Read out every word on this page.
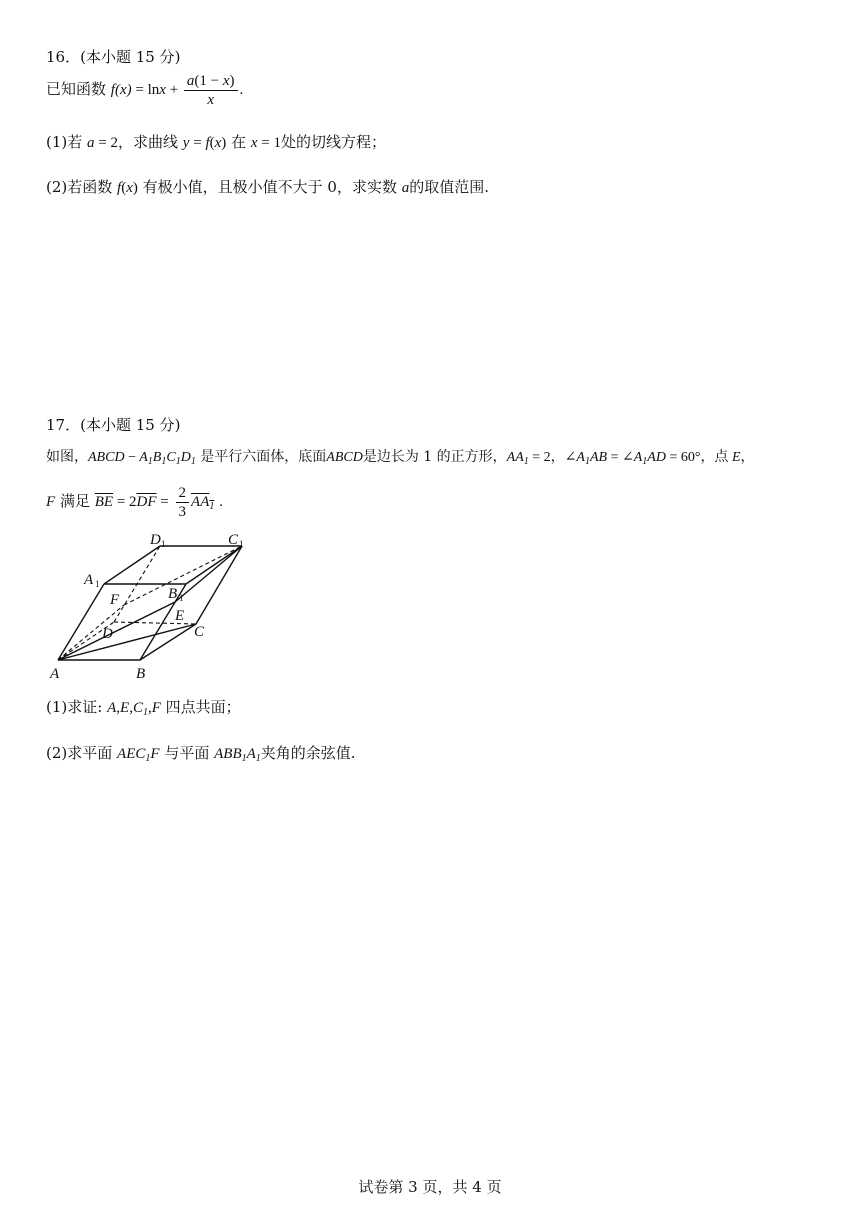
16．(本小题 15 分)
已知函数 $f(x) = \ln x + \frac{a(1 - x)}{x}$ .
(1)若 a = 2，求曲线 y = f(x) 在 x = 1处的切线方程；
(2)若函数 f(x) 有极小值，且极小值不大于 0，求实数 a的取值范围.
17．(本小题 15 分)
如图，ABCD − $A_1B_1C_1D_1$ 是平行六面体，底面ABCD是边长为 1 的正方形，$AA_1 = 2$，$\angle A_1AB$ = $\angle A_1AD = 60^\circ$，点 E，
F 满足 $\overline{BE} = 2\overline{DF} = \frac{2}{3} AA_1$ .
A	B
C
D
E
F
A
B
C
D
1
1
1
1
(1)求证: $A,E,C_1,F$ 四点共面；
(2)求平面 $AEC_1F$ 与平面 $ABB_1A_1$夹角的余弦值.
试卷第 3 页，共 4 页
